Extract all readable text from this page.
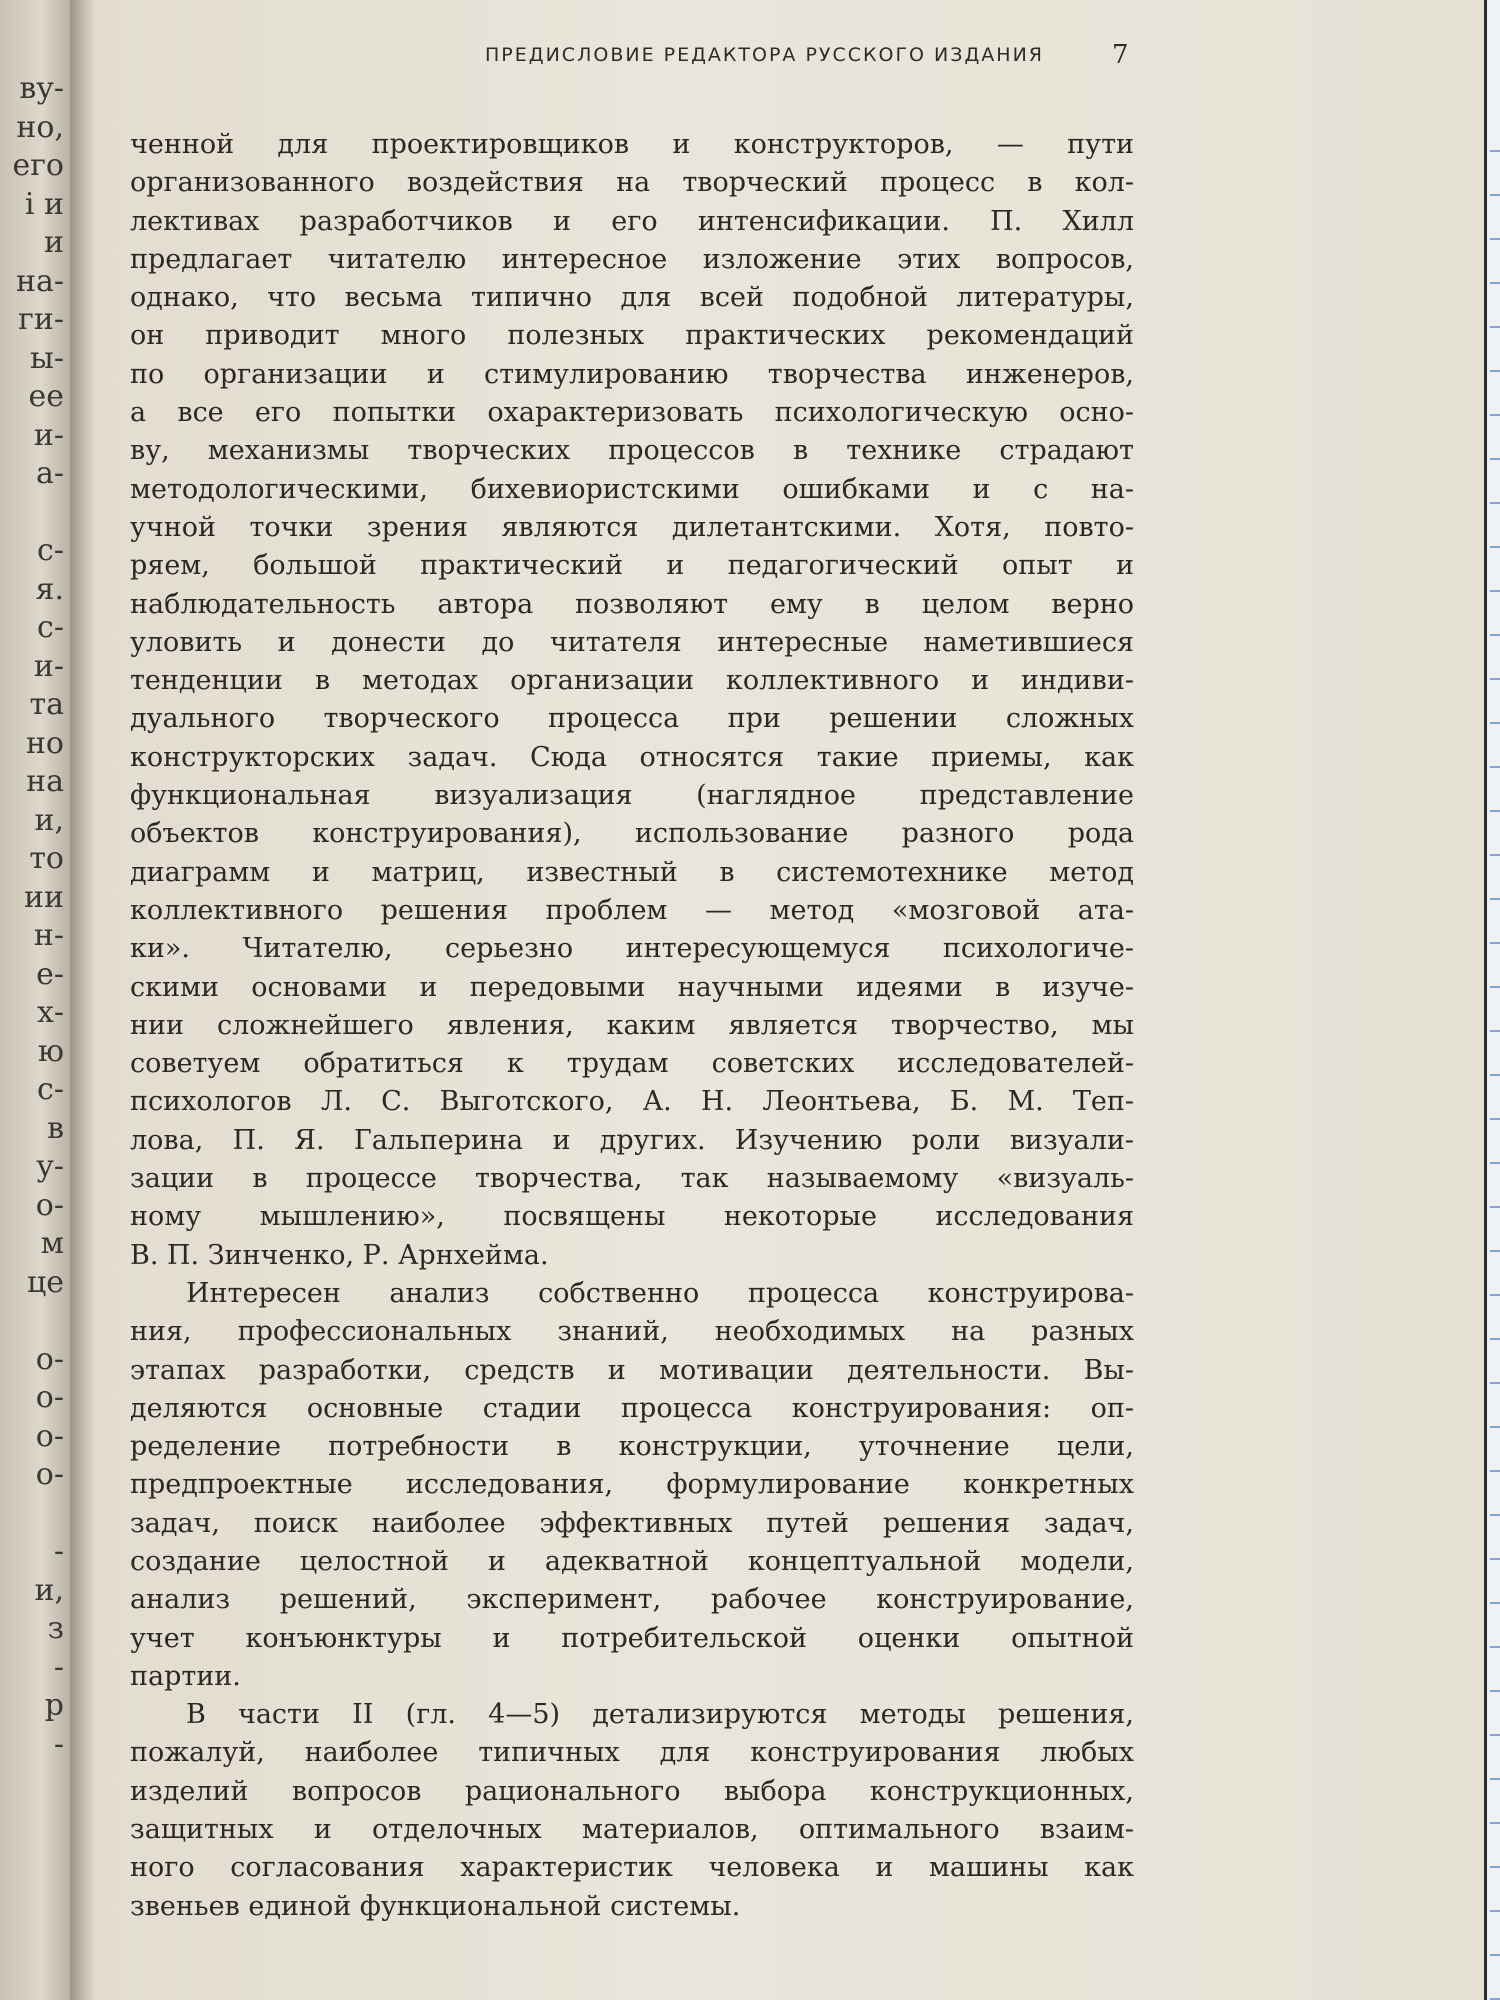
ву-
но,
его
і и
и
на-
ги-
ы-
ее
и-
а-
с-
я.
с-
и-
та
но
на
и,
то
ии
н-
е-
х-
ю
с-
в
у-
о-
м
це
о-
о-
о-
о-
-
и,
з
-
р
-
ПРЕДИСЛОВИЕ РЕДАКТОРА РУССКОГО ИЗДАНИЯ	7
ченной для проектировщиков и конструкторов, — пути
организованного воздействия на творческий процесс в кол-
лективах разработчиков и его интенсификации. П. Хилл
предлагает читателю интересное изложение этих вопросов,
однако, что весьма типично для всей подобной литературы,
он приводит много полезных практических рекомендаций
по организации и стимулированию творчества инженеров,
а все его попытки охарактеризовать психологическую осно-
ву, механизмы творческих процессов в технике страдают
методологическими, бихевиористскими ошибками и с на-
учной точки зрения являются дилетантскими. Хотя, повто-
ряем, большой практический и педагогический опыт и
наблюдательность автора позволяют ему в целом верно
уловить и донести до читателя интересные наметившиеся
тенденции в методах организации коллективного и индиви-
дуального творческого процесса при решении сложных
конструкторских задач. Сюда относятся такие приемы, как
функциональная визуализация (наглядное представление
объектов конструирования), использование разного рода
диаграмм и матриц, известный в системотехнике метод
коллективного решения проблем — метод «мозговой ата-
ки». Читателю, серьезно интересующемуся психологиче-
скими основами и передовыми научными идеями в изуче-
нии сложнейшего явления, каким является творчество, мы
советуем обратиться к трудам советских исследователей-
психологов Л. С. Выготского, А. Н. Леонтьева, Б. М. Теп-
лова, П. Я. Гальперина и других. Изучению роли визуали-
зации в процессе творчества, так называемому «визуаль-
ному мышлению», посвящены некоторые исследования
В. П. Зинченко, Р. Арнхейма.
Интересен анализ собственно процесса конструирова-
ния, профессиональных знаний, необходимых на разных
этапах разработки, средств и мотивации деятельности. Вы-
деляются основные стадии процесса конструирования: оп-
ределение потребности в конструкции, уточнение цели,
предпроектные исследования, формулирование конкретных
задач, поиск наиболее эффективных путей решения задач,
создание целостной и адекватной концептуальной модели,
анализ решений, эксперимент, рабочее конструирование,
учет конъюнктуры и потребительской оценки опытной
партии.
В части II (гл. 4—5) детализируются методы решения,
пожалуй, наиболее типичных для конструирования любых
изделий вопросов рационального выбора конструкционных,
защитных и отделочных материалов, оптимального взаим-
ного согласования характеристик человека и машины как
звеньев единой функциональной системы.
